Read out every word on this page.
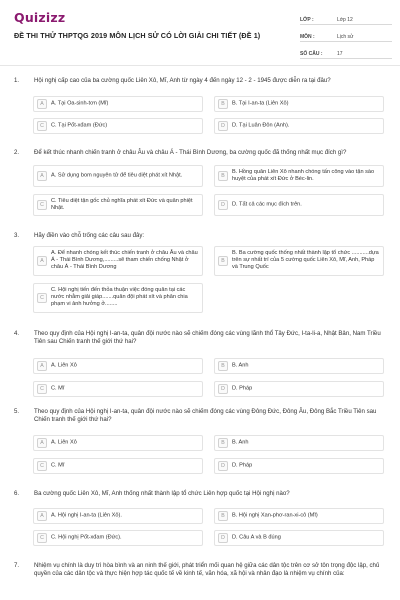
Quizizz
ĐỀ THI THỬ THPTQG 2019 MÔN LỊCH SỬ CÓ LỜI GIẢI CHI TIẾT (ĐỀ 1)
LỚP :	Lớp 12
MÔN :	Lịch sử
SỐ CÂU :	17
1. Hội nghị cấp cao của ba cường quốc Liên Xô, Mĩ, Anh từ ngày 4 đến ngày 12 - 2 - 1945 được diễn ra tại đâu?
A	A. Tại Oa-sinh-tơn (Mĩ)	B	B. Tại I-an-ta (Liên Xô)
C	C. Tại Pốt-xđam (Đức)	D	D. Tại Luân Đôn (Anh).
2. Để kết thúc nhanh chiến tranh ở châu Âu và châu Á - Thái Bình Dương, ba cường quốc đã thống nhất mục đích gì?
A	A. Sử dụng bom nguyên tử để tiêu diệt phát xít Nhật.	B
B. Hồng quân Liên Xô nhanh chóng tấn công vào tận sào huyệt của phát xít Đức ở Béc-lin.
C
C. Tiêu diệt tận gốc chủ nghĩa phát xít Đức và quân phiệt Nhật.	D	D. Tất cả các mục đích trên.
3. Hãy điền vào chỗ trống các câu sau đây:
A
A. Để nhanh chóng kết thúc chiến tranh ở châu Âu và châu Á - Thái Bình Dương,.........sẽ tham chiến chống Nhật ở châu Á - Thái Bình Dương
B
B. Ba cường quốc thống nhất thành lập tổ chức ...........dựa trên sự nhất trí của 5 cường quốc Liên Xô, Mĩ, Anh, Pháp và Trung Quốc
C
C. Hội nghị tiến đến thỏa thuận việc đóng quân tại các nước nhằm giải giáp.......quân đội phát xít và phân chia phạm vi ảnh hưởng ở........
4. Theo quy định của Hội nghị I-an-ta, quân đội nước nào sẽ chiếm đóng các vùng lãnh thổ Tây Đức, I-ta-li-a, Nhật Bản, Nam Triều Tiên sau Chiến tranh thế giới thứ hai?
A	A. Liên Xô	B	B. Anh
C	C. Mĩ	D	D. Pháp
5. Theo quy định của Hội nghị I-an-ta, quân đội nước nào sẽ chiếm đóng các vùng Đông Đức, Đông Âu, Đông Bắc Triều Tiên sau Chiến tranh thế giới thứ hai?
A	A. Liên Xô	B	B. Anh
C	C. Mĩ	D	D. Pháp
6. Ba cường quốc Liên Xô, Mĩ, Anh thống nhất thành lập tổ chức Liên hợp quốc tại Hội nghị nào?
A	A. Hội nghị I-an-ta (Liên Xô).	B	B. Hội nghị Xan-phơ-ran-xi-cô (Mĩ)
C	C. Hội nghị Pốt-xđam (Đức).	D	D. Câu A và B đúng
7. Nhiệm vụ chính là duy trì hòa bình và an ninh thế giới, phát triển mối quan hệ giữa các dân tộc trên cơ sở tôn trọng độc lập, chủ quyền của các dân tộc và thực hiện hợp tác quốc tế về kinh tế, văn hóa, xã hội và nhân đạo là nhiệm vụ chính của:
